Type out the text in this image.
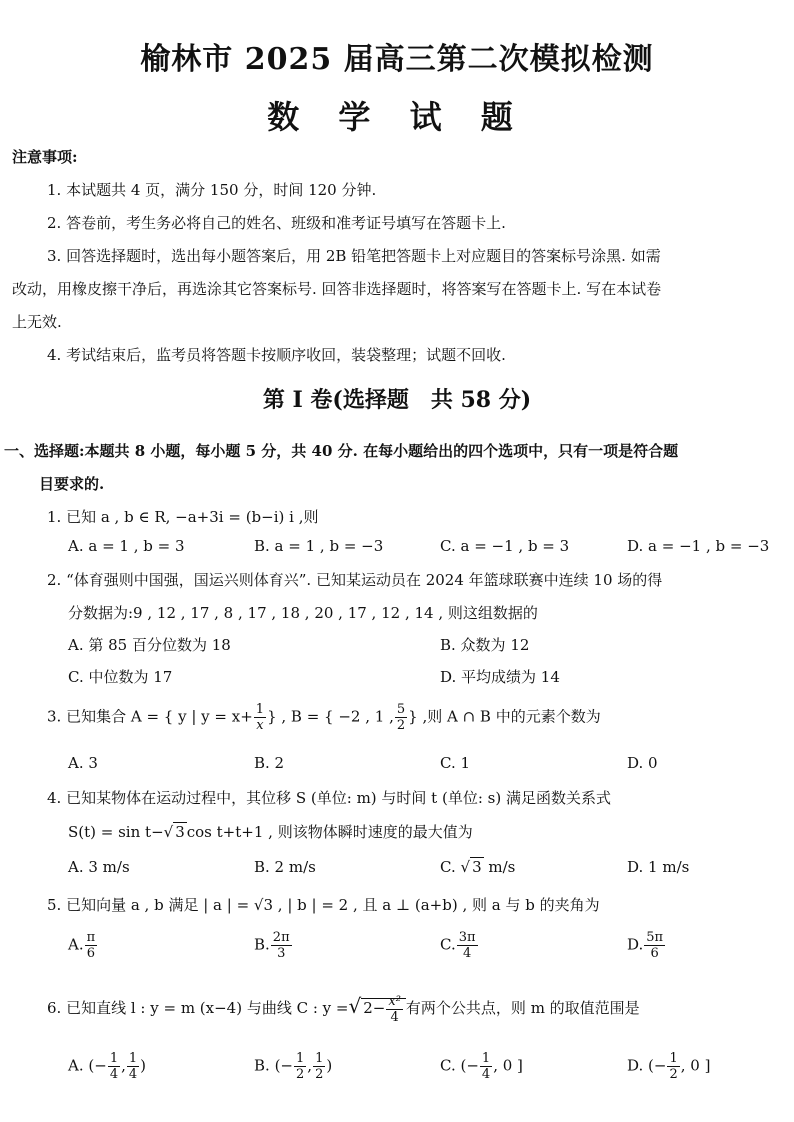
榆林市 2025 届高三第二次模拟检测
数 学 试 题
注意事项:
1. 本试题共 4 页，满分 150 分，时间 120 分钟.
2. 答卷前，考生务必将自己的姓名、班级和准考证号填写在答题卡上.
3. 回答选择题时，选出每小题答案后，用 2B 铅笔把答题卡上对应题目的答案标号涂黑. 如需
改动，用橡皮擦干净后，再选涂其它答案标号. 回答非选择题时，将答案写在答题卡上. 写在本试卷
上无效.
4. 考试结束后，监考员将答题卡按顺序收回，装袋整理；试题不回收.
第 I 卷(选择题　共 58 分)
一、选择题:本题共 8 小题，每小题 5 分，共 40 分. 在每小题给出的四个选项中，只有一项是符合题
目要求的.
1. 已知 a , b ∈ R, −a+3i = (b−i) i ,则
A. a = 1 , b = 3	B. a = 1 , b = −3	C. a = −1 , b = 3	D. a = −1 , b = −3
2. “体育强则中国强，国运兴则体育兴”. 已知某运动员在 2024 年篮球联赛中连续 10 场的得
分数据为:9 , 12 , 17 , 8 , 17 , 18 , 20 , 17 , 12 , 14 , 则这组数据的
A. 第 85 百分位数为 18	B. 众数为 12
C. 中位数为 17	D. 平均成绩为 14
3. 已知集合 A = { y | $y = x+ \frac{1}{x}$ } , B = { −2 , 1 , $\frac{5}{2}$ } ,则 A ∩ B 中的元素个数为
A. 3	B. 2	C. 1	D. 0
4. 已知某物体在运动过程中，其位移 S (单位: m) 与时间 t (单位: s) 满足函数关系式
S(t) = sin t−√ 3 cos t+t+1 , 则该物体瞬时速度的最大值为
A. 3 m/s	B. 2 m/s	C. √ 3 m/s	D. 1 m/s
5. 已知向量 a , b 满足 | a | = √3 , | b | = 2 , 且 a ⊥ (a+b) , 则 a 与 b 的夹角为
A. $\frac{\pi}{6}$	B. $\frac{2\pi}{3}$	C. $\frac{3\pi}{4}$	D. $\frac{5\pi}{6}$
6. 已知直线 l : y = m (x−4) 与曲线 C : y =√ $2- \frac{\text{x²}}{4}$ 有两个公共点，则 m 的取值范围是
A. (− $\frac{1}{4}$ , $\frac{1}{4}$ )	B. (− $\frac{1}{2}$ , $\frac{1}{2}$ )	C. (− $\frac{1}{4}$ , 0 ]	D. (− $\frac{1}{2}$ , 0 ]
